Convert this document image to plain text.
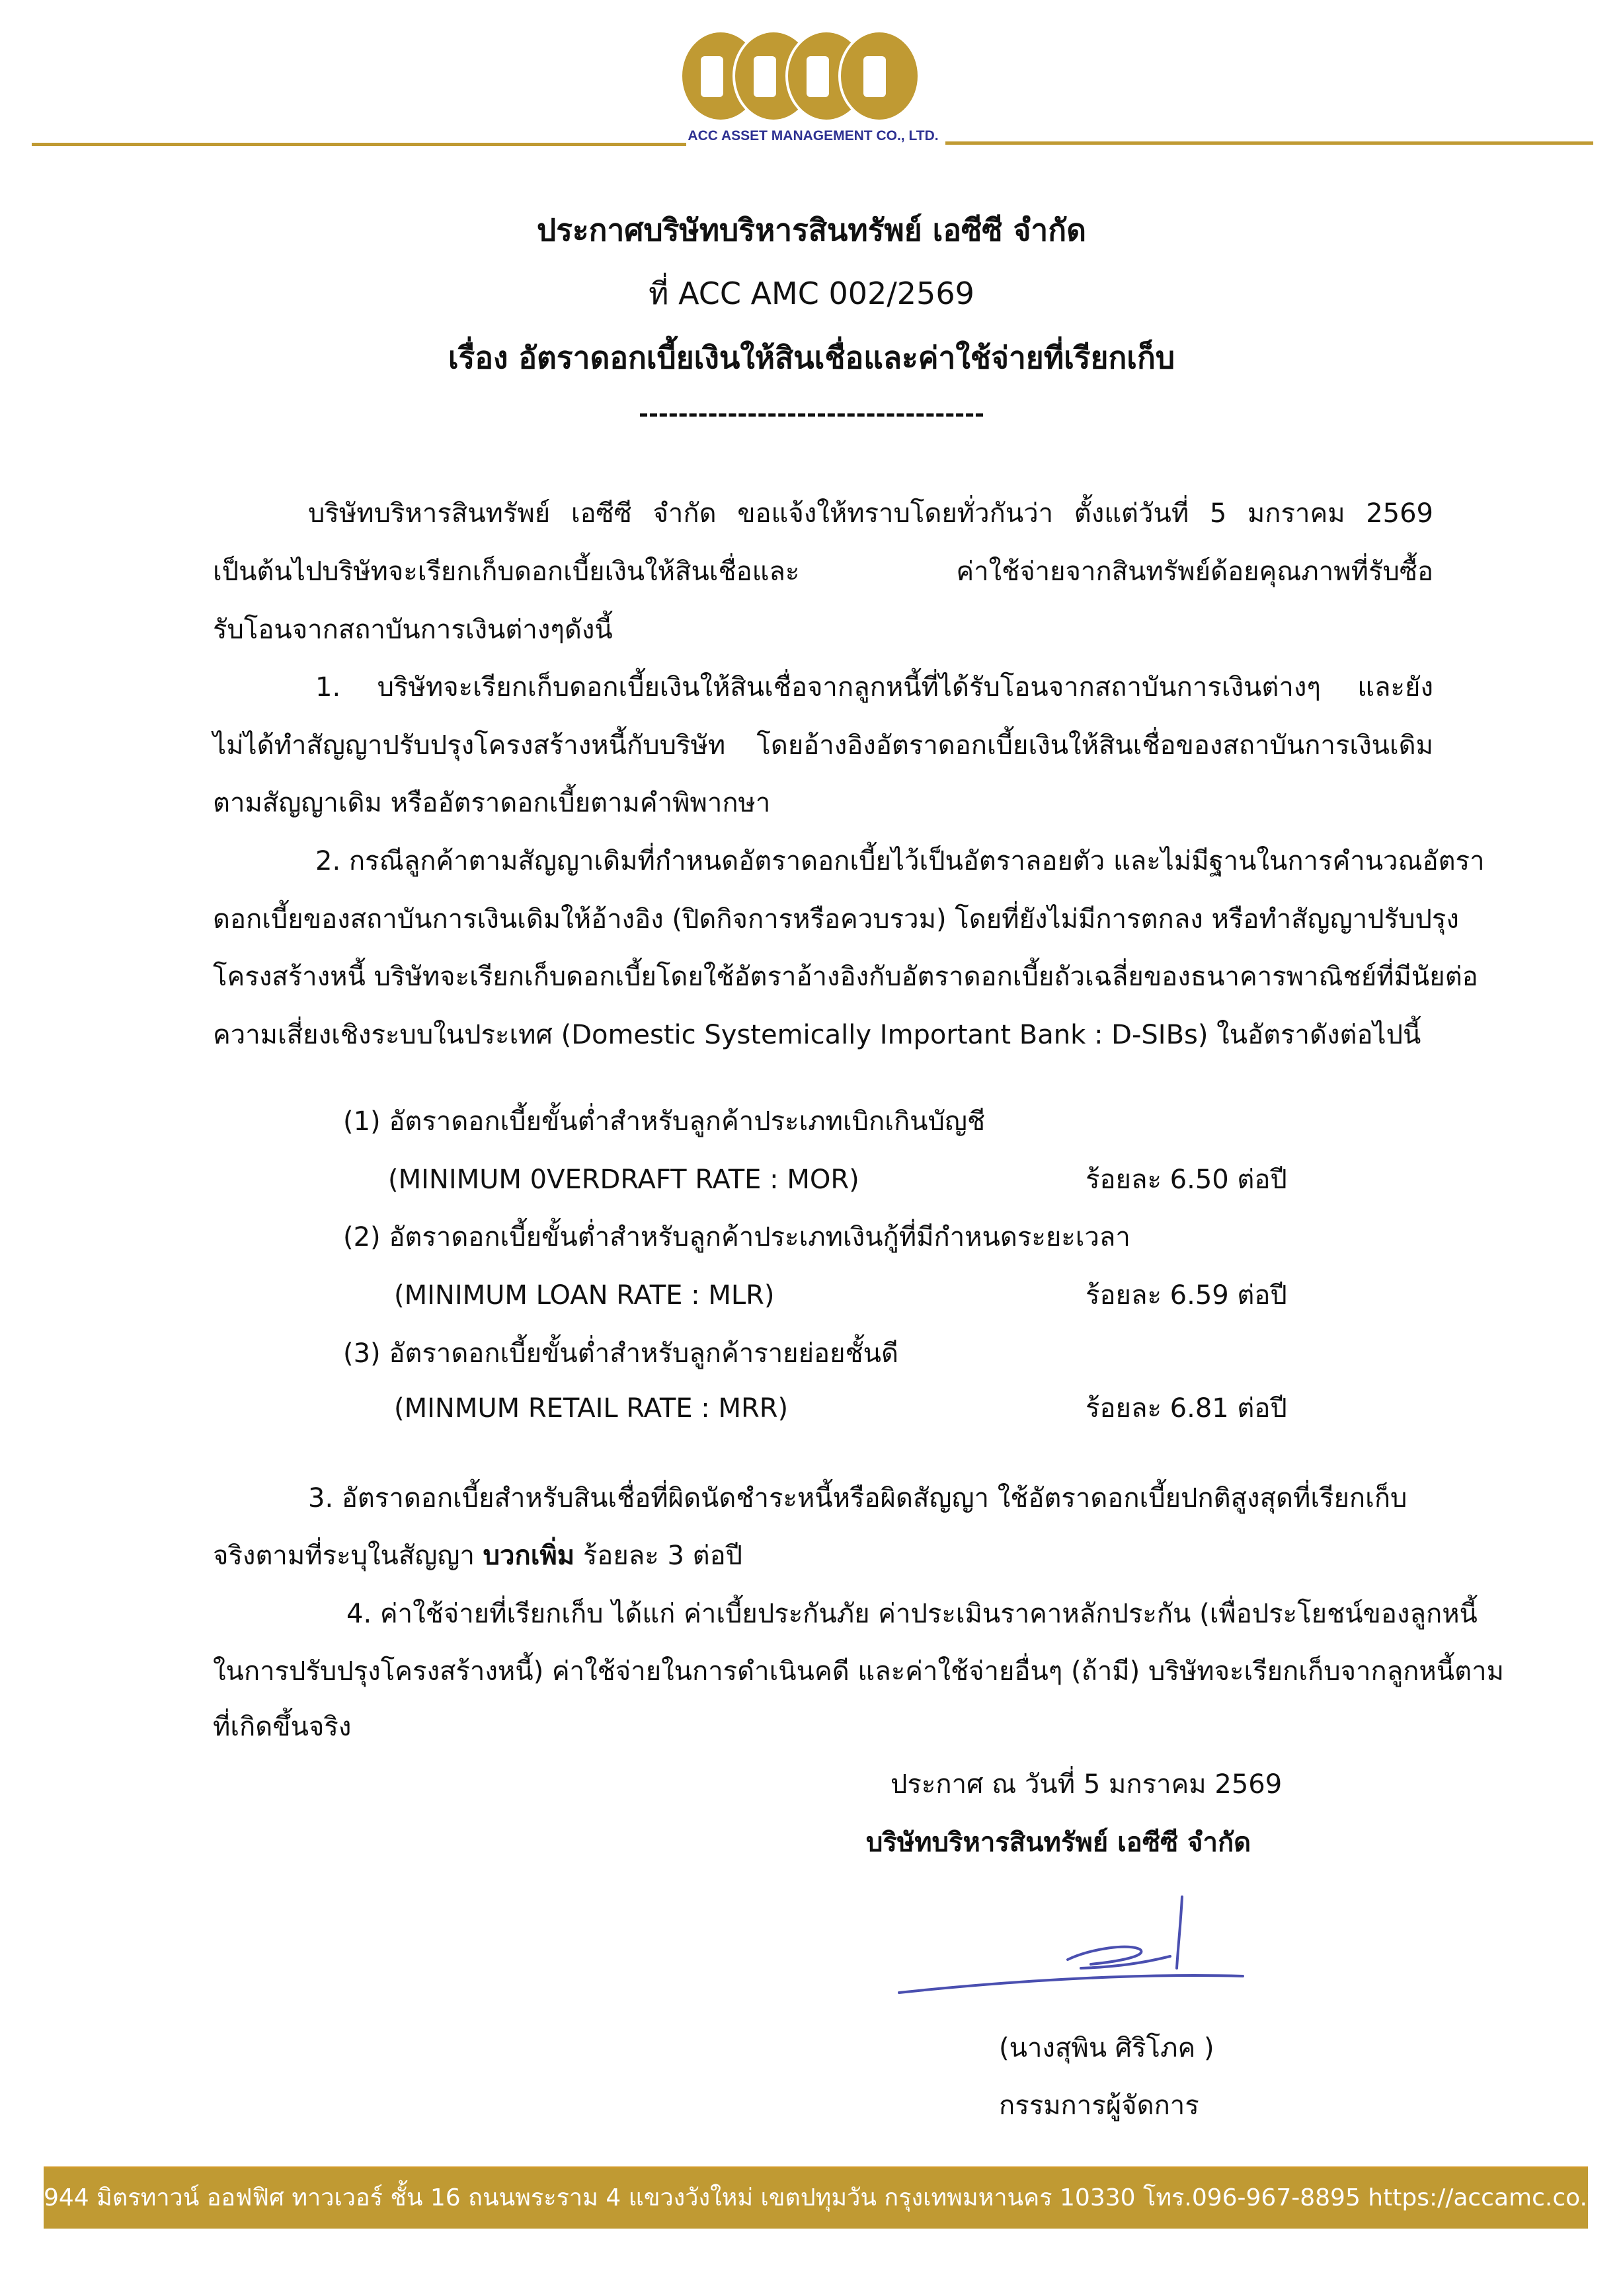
ACC ASSET MANAGEMENT CO., LTD.
ประกาศบริษัทบริหารสินทรัพย์ เอซีซี จำกัด
ที่ ACC AMC 002/2569
เรื่อง อัตราดอกเบี้ยเงินให้สินเชื่อและค่าใช้จ่ายที่เรียกเก็บ
-----------------------------------
บริษัทบริหารสินทรัพย์ เอซีซี จำกัด ขอแจ้งให้ทราบโดยทั่วกันว่า ตั้งแต่วันที่ 5 มกราคม 2569
เป็นต้นไปบริษัทจะเรียกเก็บดอกเบี้ยเงินให้สินเชื่อและ ค่าใช้จ่ายจากสินทรัพย์ด้อยคุณภาพที่รับซื้อ
รับโอนจากสถาบันการเงินต่างๆดังนี้
1. บริษัทจะเรียกเก็บดอกเบี้ยเงินให้สินเชื่อจากลูกหนี้ที่ได้รับโอนจากสถาบันการเงินต่างๆ และยัง
ไม่ได้ทำสัญญาปรับปรุงโครงสร้างหนี้กับบริษัท โดยอ้างอิงอัตราดอกเบี้ยเงินให้สินเชื่อของสถาบันการเงินเดิม
ตามสัญญาเดิม หรืออัตราดอกเบี้ยตามคำพิพากษา
2. กรณีลูกค้าตามสัญญาเดิมที่กำหนดอัตราดอกเบี้ยไว้เป็นอัตราลอยตัว และไม่มีฐานในการคำนวณอัตรา
ดอกเบี้ยของสถาบันการเงินเดิมให้อ้างอิง (ปิดกิจการหรือควบรวม) โดยที่ยังไม่มีการตกลง หรือทำสัญญาปรับปรุง
โครงสร้างหนี้ บริษัทจะเรียกเก็บดอกเบี้ยโดยใช้อัตราอ้างอิงกับอัตราดอกเบี้ยถัวเฉลี่ยของธนาคารพาณิชย์ที่มีนัยต่อ
ความเสี่ยงเชิงระบบในประเทศ (Domestic Systemically Important Bank : D-SIBs) ในอัตราดังต่อไปนี้
(1) อัตราดอกเบี้ยขั้นต่ำสำหรับลูกค้าประเภทเบิกเกินบัญชี
(MINIMUM 0VERDRAFT RATE : MOR)	ร้อยละ 6.50 ต่อปี
(2) อัตราดอกเบี้ยขั้นต่ำสำหรับลูกค้าประเภทเงินกู้ที่มีกำหนดระยะเวลา
(MINIMUM LOAN RATE : MLR)	ร้อยละ 6.59 ต่อปี
(3) อัตราดอกเบี้ยขั้นต่ำสำหรับลูกค้ารายย่อยชั้นดี
(MINMUM RETAIL RATE : MRR)	ร้อยละ 6.81 ต่อปี
3. อัตราดอกเบี้ยสำหรับสินเชื่อที่ผิดนัดชำระหนี้หรือผิดสัญญา ใช้อัตราดอกเบี้ยปกติสูงสุดที่เรียกเก็บ
จริงตามที่ระบุในสัญญา บวกเพิ่ม ร้อยละ 3 ต่อปี
4. ค่าใช้จ่ายที่เรียกเก็บ ได้แก่ ค่าเบี้ยประกันภัย ค่าประเมินราคาหลักประกัน (เพื่อประโยชน์ของลูกหนี้
ในการปรับปรุงโครงสร้างหนี้) ค่าใช้จ่ายในการดำเนินคดี และค่าใช้จ่ายอื่นๆ (ถ้ามี) บริษัทจะเรียกเก็บจากลูกหนี้ตาม
ที่เกิดขึ้นจริง
ประกาศ ณ วันที่ 5 มกราคม 2569
บริษัทบริหารสินทรัพย์ เอซีซี จำกัด
(นางสุพิน ศิริโภค )
กรรมการผู้จัดการ
944 มิตรทาวน์ ออฟฟิศ ทาวเวอร์ ชั้น 16 ถนนพระราม 4 แขวงวังใหม่ เขตปทุมวัน กรุงเทพมหานคร 10330 โทร.096-967-8895 https://accamc.co.th
